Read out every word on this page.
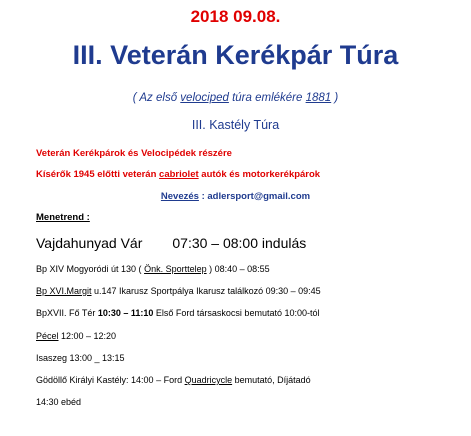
2018 09.08.
III. Veterán Kerékpár Túra
( Az első velociped túra emlékére 1881 )
III. Kastély Túra
Veterán Kerékpárok és Velocipédek részére
Kísérők 1945 előtti veterán cabriolet autók és motorkerékpárok
Nevezés : adlersport@gmail.com
Menetrend :
Vajdahunyad Vár 07:30 – 08:00 indulás
Bp XIV Mogyoródi út 130 ( Önk. Sporttelep ) 08:40 – 08:55
Bp XVI.Margit u.147 Ikarusz Sportpálya Ikarusz találkozó 09:30 – 09:45
BpXVII. Fő Tér 10:30 – 11:10 Első Ford társaskocsi bemutató 10:00-tól
Pécel 12:00 – 12:20
Isaszeg 13:00 _ 13:15
Gödöllő Királyi Kastély: 14:00 – Ford Quadricycle bemutató, Díjátadó
14:30 ebéd
